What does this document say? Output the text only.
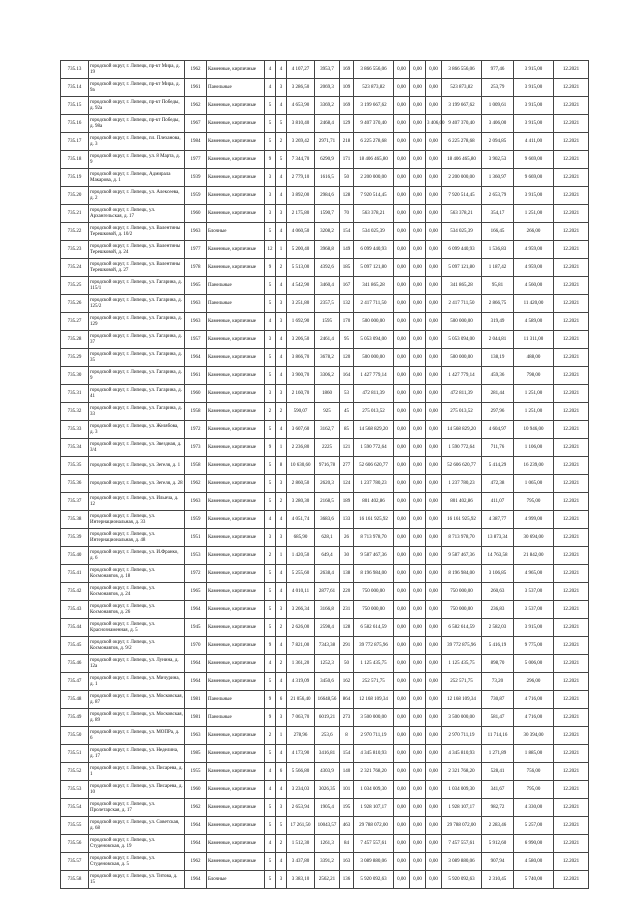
735.13	городской округ, г. Липецк, пр-кт Мира, д. 19	1962	Каменные, кирпичные	4	4	4 107,27	3953,7	169	3 866 556,06	0,00	0,00	0,00	3 866 556,06	977,46	3 915,00	12.2021
735.14	городской округ, г. Липецк, пр-кт Мира, д. 9а	1961	Панельные	4	3	3 286,50	2069,3	109	523 873,82	0,00	0,00	0,00	523 873,82	253,79	3 915,00	12.2021
735.15	городской округ, г. Липецк, пр-кт Победы, д. 92а	1962	Каменные, кирпичные	5	4	4 653,90	3369,2	169	3 199 667,62	0,00	0,00	0,00	3 199 667,62	1 009,61	3 915,00	12.2021
735.16	городской округ, г. Липецк, пр-кт Победы, д. 98а	1967	Каменные, кирпичные	5	5	3 810,40	2468,4	129	9 407 370,40	0,00	0,00	3 406,00	9 407 370,40	3 406,00	3 915,00	12.2021
735.17	городской округ, г. Липецк, пл. Плеханова, д. 3	1984	Каменные, кирпичные	5	2	3 269,42	2971,71	218	6 225 278,68	0,00	0,00	0,00	6 225 278,68	2 094,85	4 411,00	12.2021
735.18	городской округ, г. Липецк, ул. 8 Марта, д. 9	1977	Каменные, кирпичные	9	5	7 344,70	6290,9	171	18 406 465,80	0,00	0,00	0,00	18 406 465,80	3 902,53	9 669,00	12.2021
735.19	городской округ, г. Липецк, Адмирала Макарова, д. 1	1939	Каменные, кирпичные	3	4	2 779,10	1616,5	50	2 200 000,00	0,00	0,00	0,00	2 200 000,00	1 360,97	9 669,00	12.2021
735.20	городской округ, г. Липецк, ул. Алексеева, д. 2	1959	Каменные, кирпичные	3	4	3 892,00	2984,6	128	7 920 514,45	0,00	0,00	0,00	7 920 514,45	2 653,79	3 915,00	12.2021
735.21	городской округ, г. Липецк, ул. Архангельская, д. 17	1960	Каменные, кирпичные	3	3	2 175,80	1590,7	70	563 378,21	0,00	0,00	0,00	563 378,21	354,17	1 251,00	12.2021
735.22	городской округ, г. Липецк, ул. Валентины Терешковой, д. 10/2	1963	Блочные	5	4	4 060,50	3208,2	154	534 025,39	0,00	0,00	0,00	534 025,39	166,45	266,00	12.2021
735.23	городской округ, г. Липецк, ул. Валентины Терешковой, д. 24	1977	Каменные, кирпичные	12	1	5 200,40	3968,8	149	6 099 440,93	0,00	0,00	0,00	6 099 440,93	1 536,83	4 959,00	12.2021
735.24	городской округ, г. Липецк, ул. Валентины Терешковой, д. 27	1978	Каменные, кирпичные	9	2	5 513,00	4392,6	185	5 097 121,80	0,00	0,00	0,00	5 097 121,80	1 187,42	4 959,00	12.2021
735.25	городской округ, г. Липецк, ул. Гагарина, д. 115/1	1965	Панельные	5	4	4 542,90	3460,4	167	341 865,28	0,00	0,00	0,00	341 865,28	95,81	4 560,00	12.2021
735.26	городской округ, г. Липецк, ул. Гагарина, д. 125/2	1963	Панельные	5	3	3 251,80	2357,5	132	2 417 711,50	0,00	0,00	0,00	2 417 711,50	2 866,75	11 420,00	12.2021
735.27	городской округ, г. Липецк, ул. Гагарина, д. 129	1963	Каменные, кирпичные	4	3	1 692,90	1595	170	500 000,00	0,00	0,00	0,00	500 000,00	319,49	4 589,00	12.2021
735.28	городской округ, г. Липецк, ул. Гагарина, д. 37	1957	Каменные, кирпичные	3	4	3 206,50	2461,4	95	5 053 094,00	0,00	0,00	0,00	5 053 094,00	2 044,81	11 311,00	12.2021
735.29	городской округ, г. Липецк, ул. Гагарина, д. 35	1964	Каменные, кирпичные	5	4	3 866,70	3678,2	120	500 000,00	0,00	0,00	0,00	500 000,00	138,19	488,00	12.2021
735.30	городской округ, г. Липецк, ул. Гагарина, д. 9	1961	Каменные, кирпичные	5	4	3 900,70	3306,2	164	1 427 779,14	0,00	0,00	0,00	1 427 779,14	459,36	798,00	12.2021
735.31	городской округ, г. Липецк, ул. Гагарина, д. 41	1960	Каменные, кирпичные	3	3	2 160,70	1860	53	472 811,39	0,00	0,00	0,00	472 811,39	281,44	1 251,00	12.2021
735.32	городской округ, г. Липецк, ул. Гагарина, д. 33	1958	Каменные, кирпичные	2	2	590,07	925	45	275 013,52	0,00	0,00	0,00	275 013,52	297,96	1 251,00	12.2021
735.33	городской округ, г. Липецк, ул. Желябова, д. 3	1972	Каменные, кирпичные	5	4	3 607,60	3162,7	85	14 568 829,20	0,00	0,00	0,00	14 568 829,20	4 604,97	10 946,00	12.2021
735.34	городской округ, г. Липецк, ул. Звездная, д. 3/4	1973	Каменные, кирпичные	9	1	2 236,80	2225	121	1 590 772,64	0,00	0,00	0,00	1 590 772,64	711,76	1 106,00	12.2021
735.35	городской округ, г. Липецк, ул. Зегеля, д. 1	1958	Каменные, кирпичные	5	8	10 630,60	9716,78	277	52 606 620,77	0,00	0,00	0,00	52 606 620,77	5 414,29	16 239,00	12.2021
735.36	городской округ, г. Липецк, ул. Зегеля, д. 28	1962	Каменные, кирпичные	5	3	2 860,50	2620,3	124	1 237 780,23	0,00	0,00	0,00	1 237 780,23	472,38	1 065,00	12.2021
735.37	городской округ, г. Липецк, ул. Ильича, д. 12	1963	Каменные, кирпичные	5	2	3 280,30	2168,5	189	801 402,86	0,00	0,00	0,00	801 402,86	411,07	795,00	12.2021
735.38	городской округ, г. Липецк, ул. Интернациональная, д. 33	1959	Каменные, кирпичные	4	4	4 051,74	3683,6	133	16 161 925,92	0,00	0,00	0,00	16 161 925,92	4 387,77	4 999,00	12.2021
735.39	городской округ, г. Липецк, ул. Интернациональная, д. 48	1951	Каменные, кирпичные	3	3	685,90	628,1	26	8 713 978,70	0,00	0,00	0,00	8 713 978,70	13 873,34	30 694,00	12.2021
735.40	городской округ, г. Липецк, ул. И.Франко, д. 6	1953	Каменные, кирпичные	2	1	1 420,50	649,4	30	9 587 467,36	0,00	0,00	0,00	9 587 467,36	14 763,58	21 842,00	12.2021
735.41	городской округ, г. Липецк, ул. Космонавтов, д. 18	1972	Каменные, кирпичные	5	4	5 255,60	2638,4	138	8 196 984,00	0,00	0,00	0,00	8 196 984,00	3 106,85	4 965,00	12.2021
735.42	городской округ, г. Липецк, ул. Космонавтов, д. 24	1965	Каменные, кирпичные	5	4	4 010,11	2877,61	220	750 000,00	0,00	0,00	0,00	750 000,00	260,63	3 537,00	12.2021
735.43	городской округ, г. Липецк, ул. Космонавтов, д. 26	1964	Каменные, кирпичные	5	3	3 266,34	3166,8	231	750 000,00	0,00	0,00	0,00	750 000,00	236,83	3 537,00	12.2021
735.44	городской округ, г. Липецк, ул. Краснознаменная, д. 5	1945	Каменные, кирпичные	5	2	2 626,00	2598,4	128	6 582 614,59	0,00	0,00	0,00	6 582 614,59	2 582,03	3 915,00	12.2021
735.45	городской округ, г. Липецк, ул. Космонавтов, д. 9/2	1970	Каменные, кирпичные	9	4	7 821,00	7343,38	291	39 772 875,96	0,00	0,00	0,00	39 772 875,96	5 416,19	9 775,00	12.2021
735.46	городской округ, г. Липецк, ул. Лунина, д. 12а	1964	Каменные, кирпичные	4	2	1 361,20	1252,3	50	1 125 435,75	0,00	0,00	0,00	1 125 435,75	898,70	5 006,00	12.2021
735.47	городской округ, г. Липецк, ул. Мичурина, д. 1	1964	Каменные, кирпичные	5	4	4 319,09	3450,6	162	252 571,75	0,00	0,00	0,00	252 571,75	73,20	296,00	12.2021
735.48	городской округ, г. Липецк, ул. Московская, д. 87	1981	Панельные	9	6	21 056,40	16648,56	864	12 168 109,34	0,00	0,00	0,00	12 168 109,34	730,87	4 716,00	12.2021
735.49	городской округ, г. Липецк, ул. Московская, д. 89	1981	Панельные	9	3	7 063,70	6019,21	273	3 500 000,00	0,00	0,00	0,00	3 500 000,00	581,47	4 716,00	12.2021
735.50	городской округ, г. Липецк, ул. МОПРа, д. 6	1963	Каменные, кирпичные	2	1	278,96	253,6	8	2 970 711,19	0,00	0,00	0,00	2 970 711,19	11 714,16	30 394,00	12.2021
735.51	городской округ, г. Липецк, ул. Неделина, д. 17	1985	Каменные, кирпичные	5	4	4 173,90	3416,81	154	4 345 810,93	0,00	0,00	0,00	4 345 810,93	1 271,89	1 885,00	12.2021
735.52	городской округ, г. Липецк, ул. Писарева, д. 1	1955	Каменные, кирпичные	4	6	5 566,80	4303,9	140	2 321 768,20	0,00	0,00	0,00	2 321 768,20	528,41	756,00	12.2021
735.53	городской округ, г. Липецк, ул. Писарева, д. 10	1960	Каменные, кирпичные	4	4	3 234,03	3026,35	101	1 034 009,30	0,00	0,00	0,00	1 034 009,30	341,67	795,00	12.2021
735.54	городской округ, г. Липецк, ул. Пролетарская, д. 17	1962	Каменные, кирпичные	5	3	2 653,94	1905,4	195	1 928 107,17	0,00	0,00	0,00	1 928 107,17	982,72	4 330,00	12.2021
735.55	городской округ, г. Липецк, ул. Советская, д. 68	1964	Каменные, кирпичные	5	5	17 261,50	10043,57	463	29 788 072,00	0,00	0,00	0,00	29 788 072,00	2 283,46	5 257,00	12.2021
735.56	городской округ, г. Липецк, ул. Студеновская, д. 19	1964	Каменные, кирпичные	4	2	1 512,30	1261,3	84	7 457 557,61	0,00	0,00	0,00	7 457 557,61	5 912,60	6 990,00	12.2021
735.57	городской округ, г. Липецк, ул. Студеновская, д. 5	1962	Каменные, кирпичные	5	4	3 437,80	3391,2	163	3 089 880,06	0,00	0,00	0,00	3 089 880,06	907,94	4 580,00	12.2021
735.58	городской округ, г. Липецк, ул. Титова, д. 15	1964	Блочные	5	3	3 383,10	2562,21	136	5 920 092,63	0,00	0,00	0,00	5 920 092,63	2 310,45	5 740,00	12.2021
